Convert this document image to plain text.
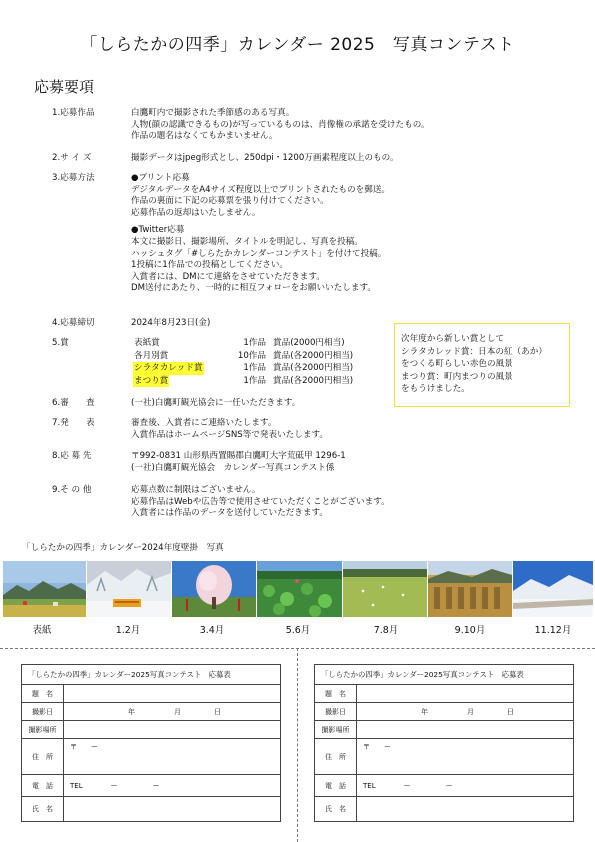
「しらたかの四季」カレンダー 2025　写真コンテスト
応募要項
1.応募作品	白鷹町内で撮影された季節感のある写真。
人物(顔の認識できるもの)が写っているものは、肖像権の承諾を受けたもの。
作品の題名はなくてもかまいません。
2.サ イ ズ	撮影データはjpeg形式とし、250dpi・1200万画素程度以上のもの。
3.応募方法	●プリント応募
デジタルデータをA4サイズ程度以上でプリントされたものを郵送。
作品の裏面に下記の応募票を張り付けてください。
応募作品の返却はいたしません。
●Twitter応募
本文に撮影日、撮影場所、タイトルを明記し、写真を投稿。
ハッシュタグ「#しらたかカレンダーコンテスト」を付けて投稿。
1投稿に1作品での投稿としてください。
入賞者には、DMにて連絡をさせていただきます。
DM送付にあたり、一時的に相互フォローをお願いいたします。
4.応募締切	2024年8月23日(金)
5.賞	表紙賞	1作品 賞品(2000円相当)
各月別賞	10作品 賞品(各2000円相当)
シラタカレッド賞	1作品 賞品(各2000円相当)
まつり賞	1作品 賞品(各2000円相当)
次年度から新しい賞として
シラタカレッド賞：日本の紅（あか）
をつくる町らしい赤色の風景
まつり賞：町内まつりの風景
をもうけました。
6.審　　査	(一社)白鷹町観光協会に一任いただきます。
7.発　　表	審査後、入賞者にご連絡いたします。
入賞作品はホームページSNS等で発表いたします。
8.応 募 先	〒992-0831 山形県西置賜郡白鷹町大字荒砥甲 1296-1
(一社)白鷹町観光協会　カレンダー写真コンテスト係
9.そ の 他	応募点数に制限はございません。
応募作品はWebや広告等で使用させていただくことがございます。
入賞者には作品のデータを送付していただきます。
「しらたかの四季」カレンダー2024年度壁掛　写真
表紙	1.2月	3.4月	5.6月	7.8月	9.10月	11.12月
「しらたかの四季」カレンダー2025写真コンテスト　応募表
題　名
撮影日	年	月	日
撮影場所
住　所
〒　　ー
電　話	TEL　　　　ー　　　　　ー
氏　名
「しらたかの四季」カレンダー2025写真コンテスト　応募表
題　名
撮影日	年	月	日
撮影場所
住　所
〒　　ー
電　話	TEL　　　　ー　　　　　ー
氏　名
